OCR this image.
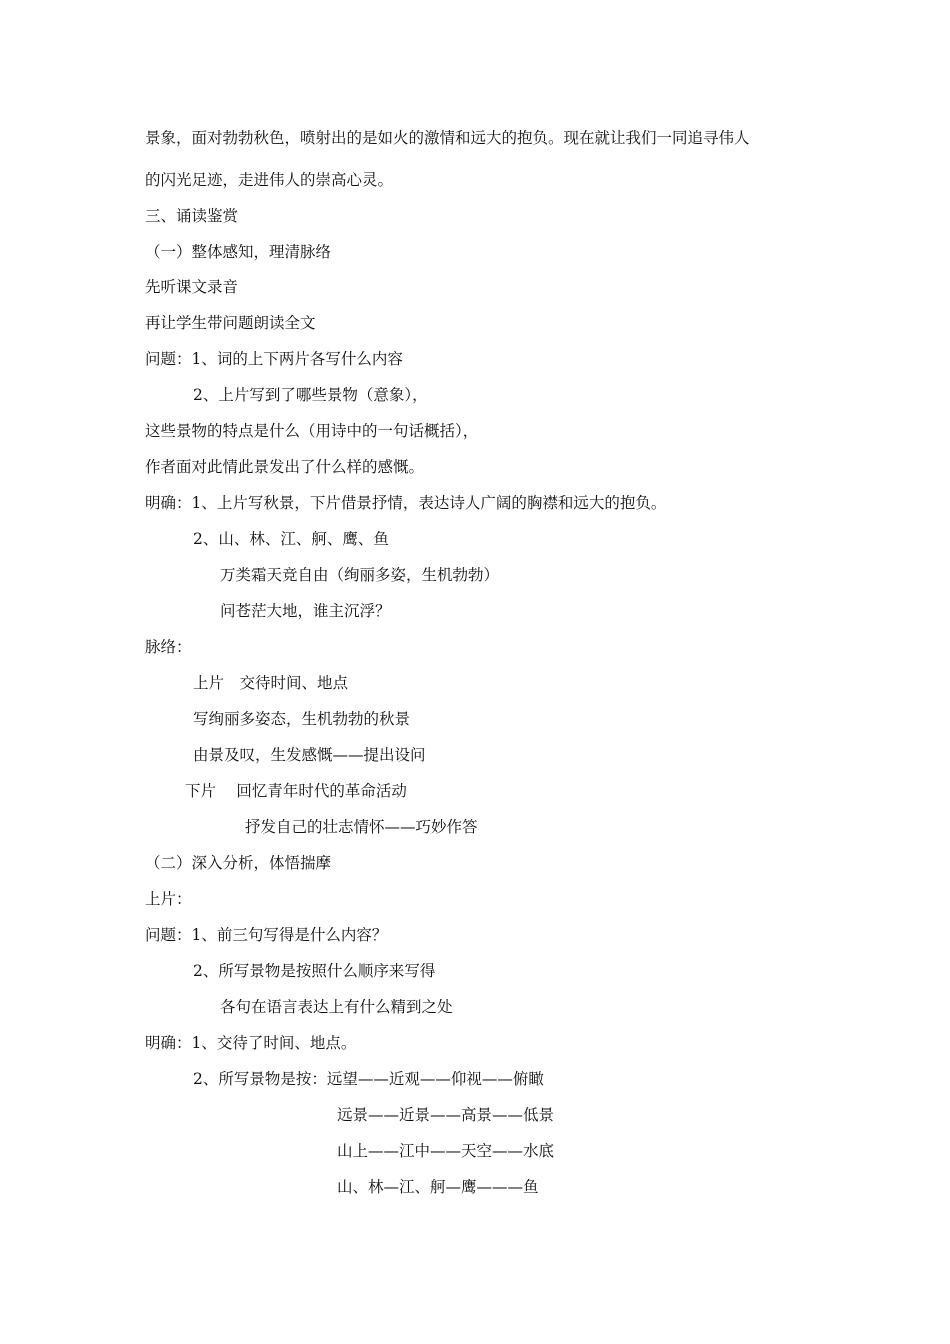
景象，面对勃勃秋色，喷射出的是如火的激情和远大的抱负。现在就让我们一同追寻伟人
的闪光足迹，走进伟人的崇高心灵。
三、诵读鉴赏
（一）整体感知，理清脉络
先听课文录音
再让学生带问题朗读全文
问题：1、词的上下两片各写什么内容
2、上片写到了哪些景物（意象），
这些景物的特点是什么（用诗中的一句话概括），
作者面对此情此景发出了什么样的感慨。
明确：1、上片写秋景，下片借景抒情，表达诗人广阔的胸襟和远大的抱负。
2、山、林、江、舸、鹰、鱼
万类霜天竞自由（绚丽多姿，生机勃勃）
问苍茫大地，谁主沉浮？
脉络：
上片　交待时间、地点
写绚丽多姿态，生机勃勃的秋景
由景及叹，生发感慨——提出设问
下片　 回忆青年时代的革命活动
抒发自己的壮志情怀——巧妙作答
（二）深入分析，体悟揣摩
上片：
问题：1、前三句写得是什么内容？
2、所写景物是按照什么顺序来写得
各句在语言表达上有什么精到之处
明确：1、交待了时间、地点。
2、所写景物是按：远望——近观——仰视——俯瞰
远景——近景——高景——低景
山上——江中——天空——水底
山、林—江、舸—鹰———鱼
